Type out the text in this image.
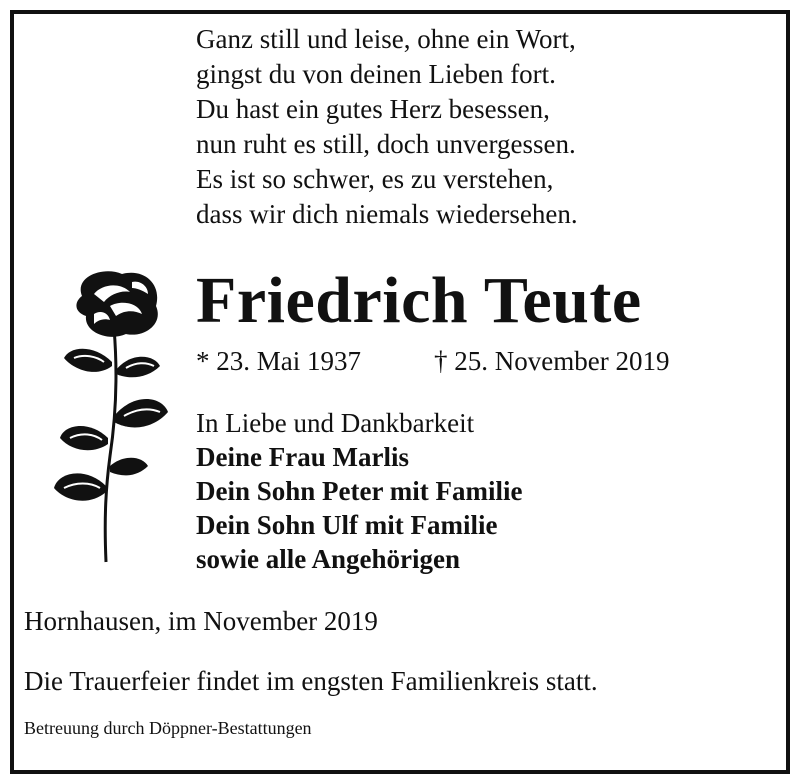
Ganz still und leise, ohne ein Wort,
gingst du von deinen Lieben fort.
Du hast ein gutes Herz besessen,
nun ruht es still, doch unvergessen.
Es ist so schwer, es zu verstehen,
dass wir dich niemals wiedersehen.
Friedrich Teute
* 23. Mai 1937	† 25. November 2019
In Liebe und Dankbarkeit
Deine Frau Marlis
Dein Sohn Peter mit Familie
Dein Sohn Ulf mit Familie
sowie alle Angehörigen
Hornhausen, im November 2019
Die Trauerfeier findet im engsten Familienkreis statt.
Betreuung durch Döppner-Bestattungen
